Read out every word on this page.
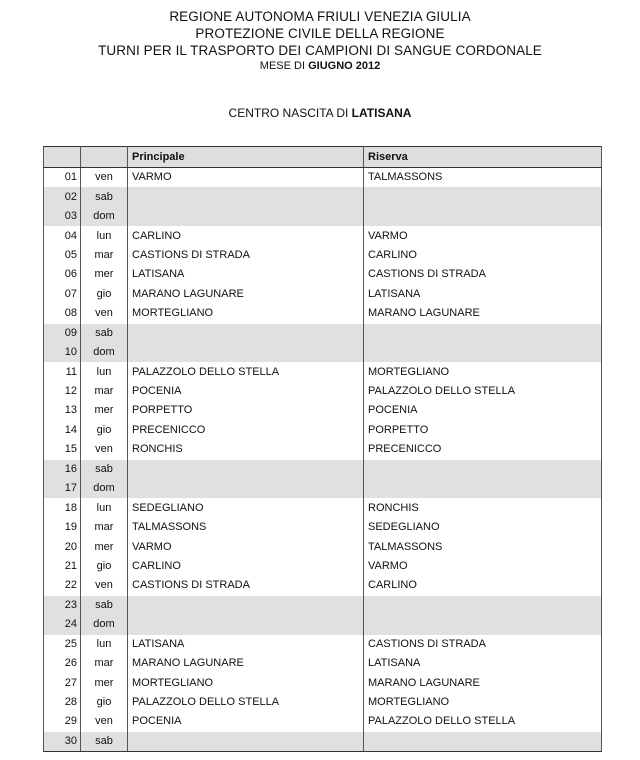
REGIONE AUTONOMA FRIULI VENEZIA GIULIA
PROTEZIONE CIVILE DELLA REGIONE
TURNI PER IL TRASPORTO DEI CAMPIONI DI SANGUE CORDONALE
MESE DI GIUGNO 2012
CENTRO NASCITA DI LATISANA
		Principale	Riserva
01	ven	VARMO	TALMASSONS
02	sab		
03	dom		
04	lun	CARLINO	VARMO
05	mar	CASTIONS DI STRADA	CARLINO
06	mer	LATISANA	CASTIONS DI STRADA
07	gio	MARANO LAGUNARE	LATISANA
08	ven	MORTEGLIANO	MARANO LAGUNARE
09	sab		
10	dom		
11	lun	PALAZZOLO DELLO STELLA	MORTEGLIANO
12	mar	POCENIA	PALAZZOLO DELLO STELLA
13	mer	PORPETTO	POCENIA
14	gio	PRECENICCO	PORPETTO
15	ven	RONCHIS	PRECENICCO
16	sab		
17	dom		
18	lun	SEDEGLIANO	RONCHIS
19	mar	TALMASSONS	SEDEGLIANO
20	mer	VARMO	TALMASSONS
21	gio	CARLINO	VARMO
22	ven	CASTIONS DI STRADA	CARLINO
23	sab		
24	dom		
25	lun	LATISANA	CASTIONS DI STRADA
26	mar	MARANO LAGUNARE	LATISANA
27	mer	MORTEGLIANO	MARANO LAGUNARE
28	gio	PALAZZOLO DELLO STELLA	MORTEGLIANO
29	ven	POCENIA	PALAZZOLO DELLO STELLA
30	sab		
